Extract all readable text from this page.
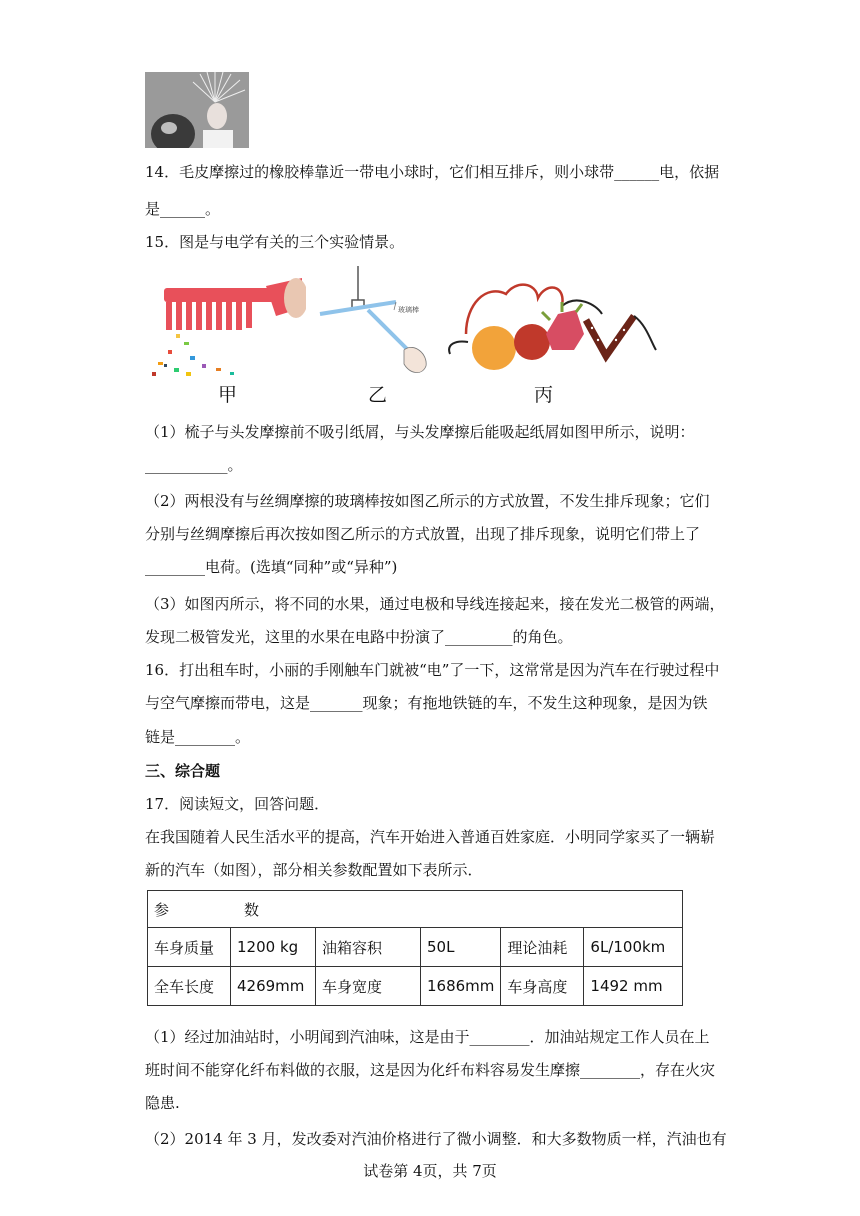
14．毛皮摩擦过的橡胶棒靠近一带电小球时，它们相互排斥，则小球带______电，依据
是______。
15．图是与电学有关的三个实验情景。
甲
玻璃棒
乙	丙
（1）梳子与头发摩擦前不吸引纸屑，与头发摩擦后能吸起纸屑如图甲所示，说明：
___________。
（2）两根没有与丝绸摩擦的玻璃棒按如图乙所示的方式放置，不发生排斥现象；它们
分别与丝绸摩擦后再次按如图乙所示的方式放置，出现了排斥现象，说明它们带上了
________电荷。(选填“同种”或“异种”)
（3）如图丙所示，将不同的水果，通过电极和导线连接起来，接在发光二极管的两端，
发现二极管发光，这里的水果在电路中扮演了_________的角色。
16．打出租车时，小丽的手刚触车门就被“电”了一下，这常常是因为汽车在行驶过程中
与空气摩擦而带电，这是_______现象；有拖地铁链的车，不发生这种现象，是因为铁
链是________。
三、综合题
17．阅读短文，回答问题．
在我国随着人民生活水平的提高，汽车开始进入普通百姓家庭．小明同学家买了一辆崭
新的汽车（如图），部分相关参数配置如下表所示．
参　　　　　数					
车身质量	1200 kg	油箱容积	50L	理论油耗	6L/100km
全车长度	4269mm	车身宽度	1686mm	车身高度	1492 mm
（1）经过加油站时，小明闻到汽油味，这是由于________．加油站规定工作人员在上
班时间不能穿化纤布料做的衣服，这是因为化纤布料容易发生摩擦________，存在火灾
隐患.
（2）2014 年 3 月，发改委对汽油价格进行了微小调整．和大多数物质一样，汽油也有
试卷第 4页，共 7页
